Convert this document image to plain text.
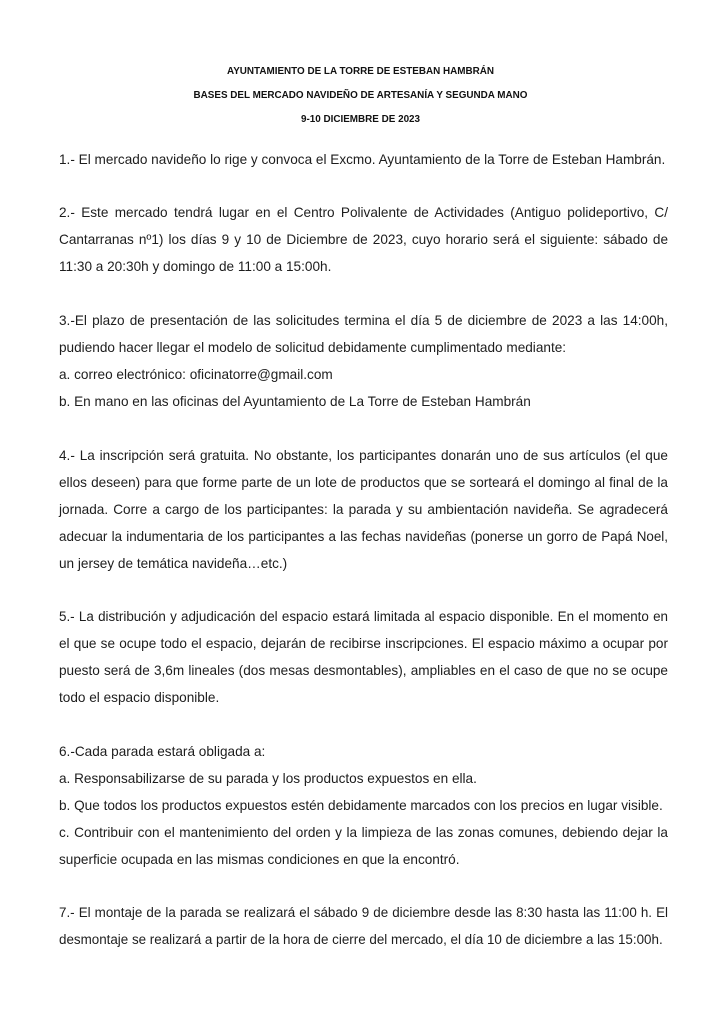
AYUNTAMIENTO DE LA TORRE DE ESTEBAN HAMBRÁN
BASES DEL MERCADO NAVIDEÑO DE ARTESANÍA Y SEGUNDA MANO
9-10 DICIEMBRE DE 2023
1.- El mercado navideño lo rige y convoca el Excmo. Ayuntamiento de la Torre de Esteban Hambrán.
2.- Este mercado tendrá lugar en el Centro Polivalente de Actividades (Antiguo polideportivo, C/
Cantarranas nº1) los días 9 y 10 de Diciembre de 2023, cuyo horario será el siguiente: sábado de
11:30 a 20:30h y domingo de 11:00 a 15:00h.
3.-El plazo de presentación de las solicitudes termina el día 5 de diciembre de 2023 a las 14:00h,
pudiendo hacer llegar el modelo de solicitud debidamente cumplimentado mediante:
a. correo electrónico: oficinatorre@gmail.com
b. En mano en las oficinas del Ayuntamiento de La Torre de Esteban Hambrán
4.- La inscripción será gratuita. No obstante, los participantes donarán uno de sus artículos (el que
ellos deseen) para que forme parte de un lote de productos que se sorteará el domingo al final de la
jornada. Corre a cargo de los participantes: la parada y su ambientación navideña. Se agradecerá
adecuar la indumentaria de los participantes a las fechas navideñas (ponerse un gorro de Papá Noel,
un jersey de temática navideña…etc.)
5.- La distribución y adjudicación del espacio estará limitada al espacio disponible. En el momento en
el que se ocupe todo el espacio, dejarán de recibirse inscripciones. El espacio máximo a ocupar por
puesto será de 3,6m lineales (dos mesas desmontables), ampliables en el caso de que no se ocupe
todo el espacio disponible.
6.-Cada parada estará obligada a:
a. Responsabilizarse de su parada y los productos expuestos en ella.
b. Que todos los productos expuestos estén debidamente marcados con los precios en lugar visible.
c. Contribuir con el mantenimiento del orden y la limpieza de las zonas comunes, debiendo dejar la
superficie ocupada en las mismas condiciones en que la encontró.
7.- El montaje de la parada se realizará el sábado 9 de diciembre desde las 8:30 hasta las 11:00 h. El
desmontaje se realizará a partir de la hora de cierre del mercado, el día 10 de diciembre a las 15:00h.
